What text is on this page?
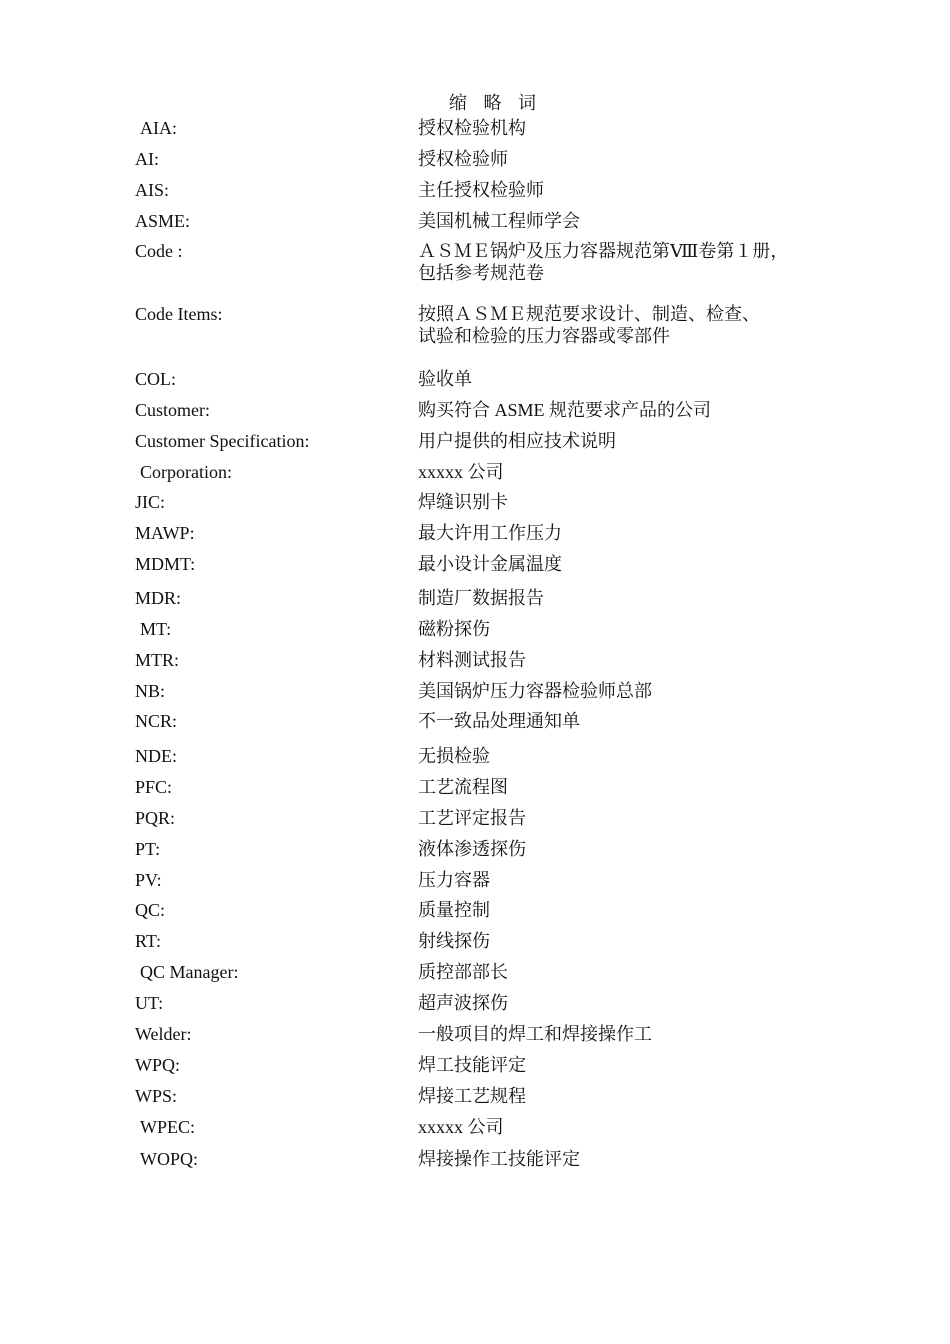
缩 略 词
AIA:	授权检验机构
AI:	授权检验师
AIS:	主任授权检验师
ASME:	美国机械工程师学会
Code :	ＡＳＭＥ锅炉及压力容器规范第Ⅷ卷第１册，
包括参考规范卷
Code Items:	按照ＡＳＭＥ规范要求设计、制造、检查、
试验和检验的压力容器或零部件
COL:	验收单
Customer:	购买符合 ASME 规范要求产品的公司
Customer Specification:	用户提供的相应技术说明
Corporation:	xxxxx 公司
JIC:	焊缝识别卡
MAWP:	最大许用工作压力
MDMT:	最小设计金属温度
MDR:	制造厂数据报告
MT:	磁粉探伤
MTR:	材料测试报告
NB:	美国锅炉压力容器检验师总部
NCR:	不一致品处理通知单
NDE:	无损检验
PFC:	工艺流程图
PQR:	工艺评定报告
PT:	液体渗透探伤
PV:	压力容器
QC:	质量控制
RT:	射线探伤
QC Manager:	质控部部长
UT:	超声波探伤
Welder:	一般项目的焊工和焊接操作工
WPQ:	焊工技能评定
WPS:	焊接工艺规程
WPEC:	xxxxx 公司
WOPQ:	焊接操作工技能评定
